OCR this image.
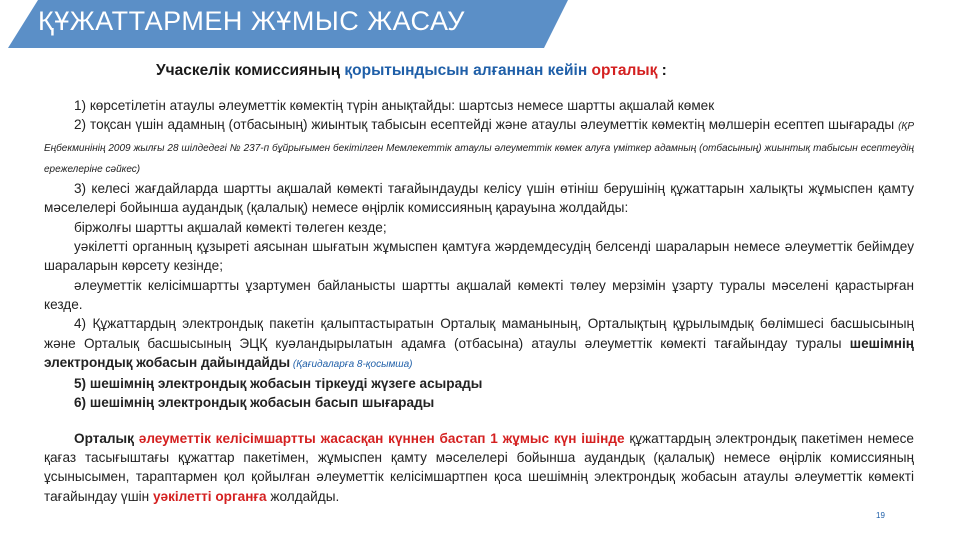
ҚҰЖАТТАРМЕН ЖҰМЫС ЖАСАУ
Учаскелік комиссияның қорытындысын алғаннан кейін орталық :

1) көрсетілетін атаулы әлеуметтік көмектің түрін анықтайды: шартсыз немесе шартты ақшалай көмек

2) тоқсан үшін адамның (отбасының) жиынтық табысын есептейді және атаулы әлеуметтік көмектің мөлшерін есептеп шығарады (ҚР Еңбекминінің 2009 жылғы 28 шілдедегі № 237-п бұйрығымен бекітілген Мемлекеттік атаулы әлеуметтік көмек алуға үміткер адамның (отбасының) жиынтық табысын есептеудің ережелеріне сәйкес)

3) келесі жағдайларда шартты ақшалай көмекті тағайындауды келісу үшін өтініш берушінің құжаттарын халықты жұмыспен қамту мәселелері бойынша аудандық (қалалық) немесе өңірлік комиссияның қарауына жолдайды:

біржолғы шартты ақшалай көмекті төлеген кезде;

уәкілетті органның құзыреті аясынан шығатын жұмыспен қамтуға жәрдемдесудің белсенді шараларын немесе әлеуметтік бейімдеу шараларын көрсету кезінде;

әлеуметтік келісімшартты ұзартумен байланысты шартты ақшалай көмекті төлеу мерзімін ұзарту туралы мәселені қарастырған кезде.

4) Құжаттардың электрондық пакетін қалыптастыратын Орталық маманының, Орталықтың құрылымдық бөлімшесі басшысының және Орталық басшысының ЭЦҚ куәландырылатын адамға (отбасына) атаулы әлеуметтік көмекті тағайындау туралы шешімнің электрондық жобасын дайындайды (Қағидаларға 8-қосымша)

5) шешімнің электрондық жобасын тіркеуді жүзеге асырады

6) шешімнің электрондық жобасын басып шығарады

Орталық әлеуметтік келісімшартты жасасқан күннен бастап 1 жұмыс күн ішінде құжаттардың электрондық пакетімен немесе қағаз тасығыштағы құжаттар пакетімен, жұмыспен қамту мәселелері бойынша аудандық (қалалық) немесе өңірлік комиссияның ұсынысымен, тараптармен қол қойылған әлеуметтік келісімшартпен қоса шешімнің электрондық жобасын атаулы әлеуметтік көмекті тағайындау үшін уәкілетті органға жолдайды.

19
